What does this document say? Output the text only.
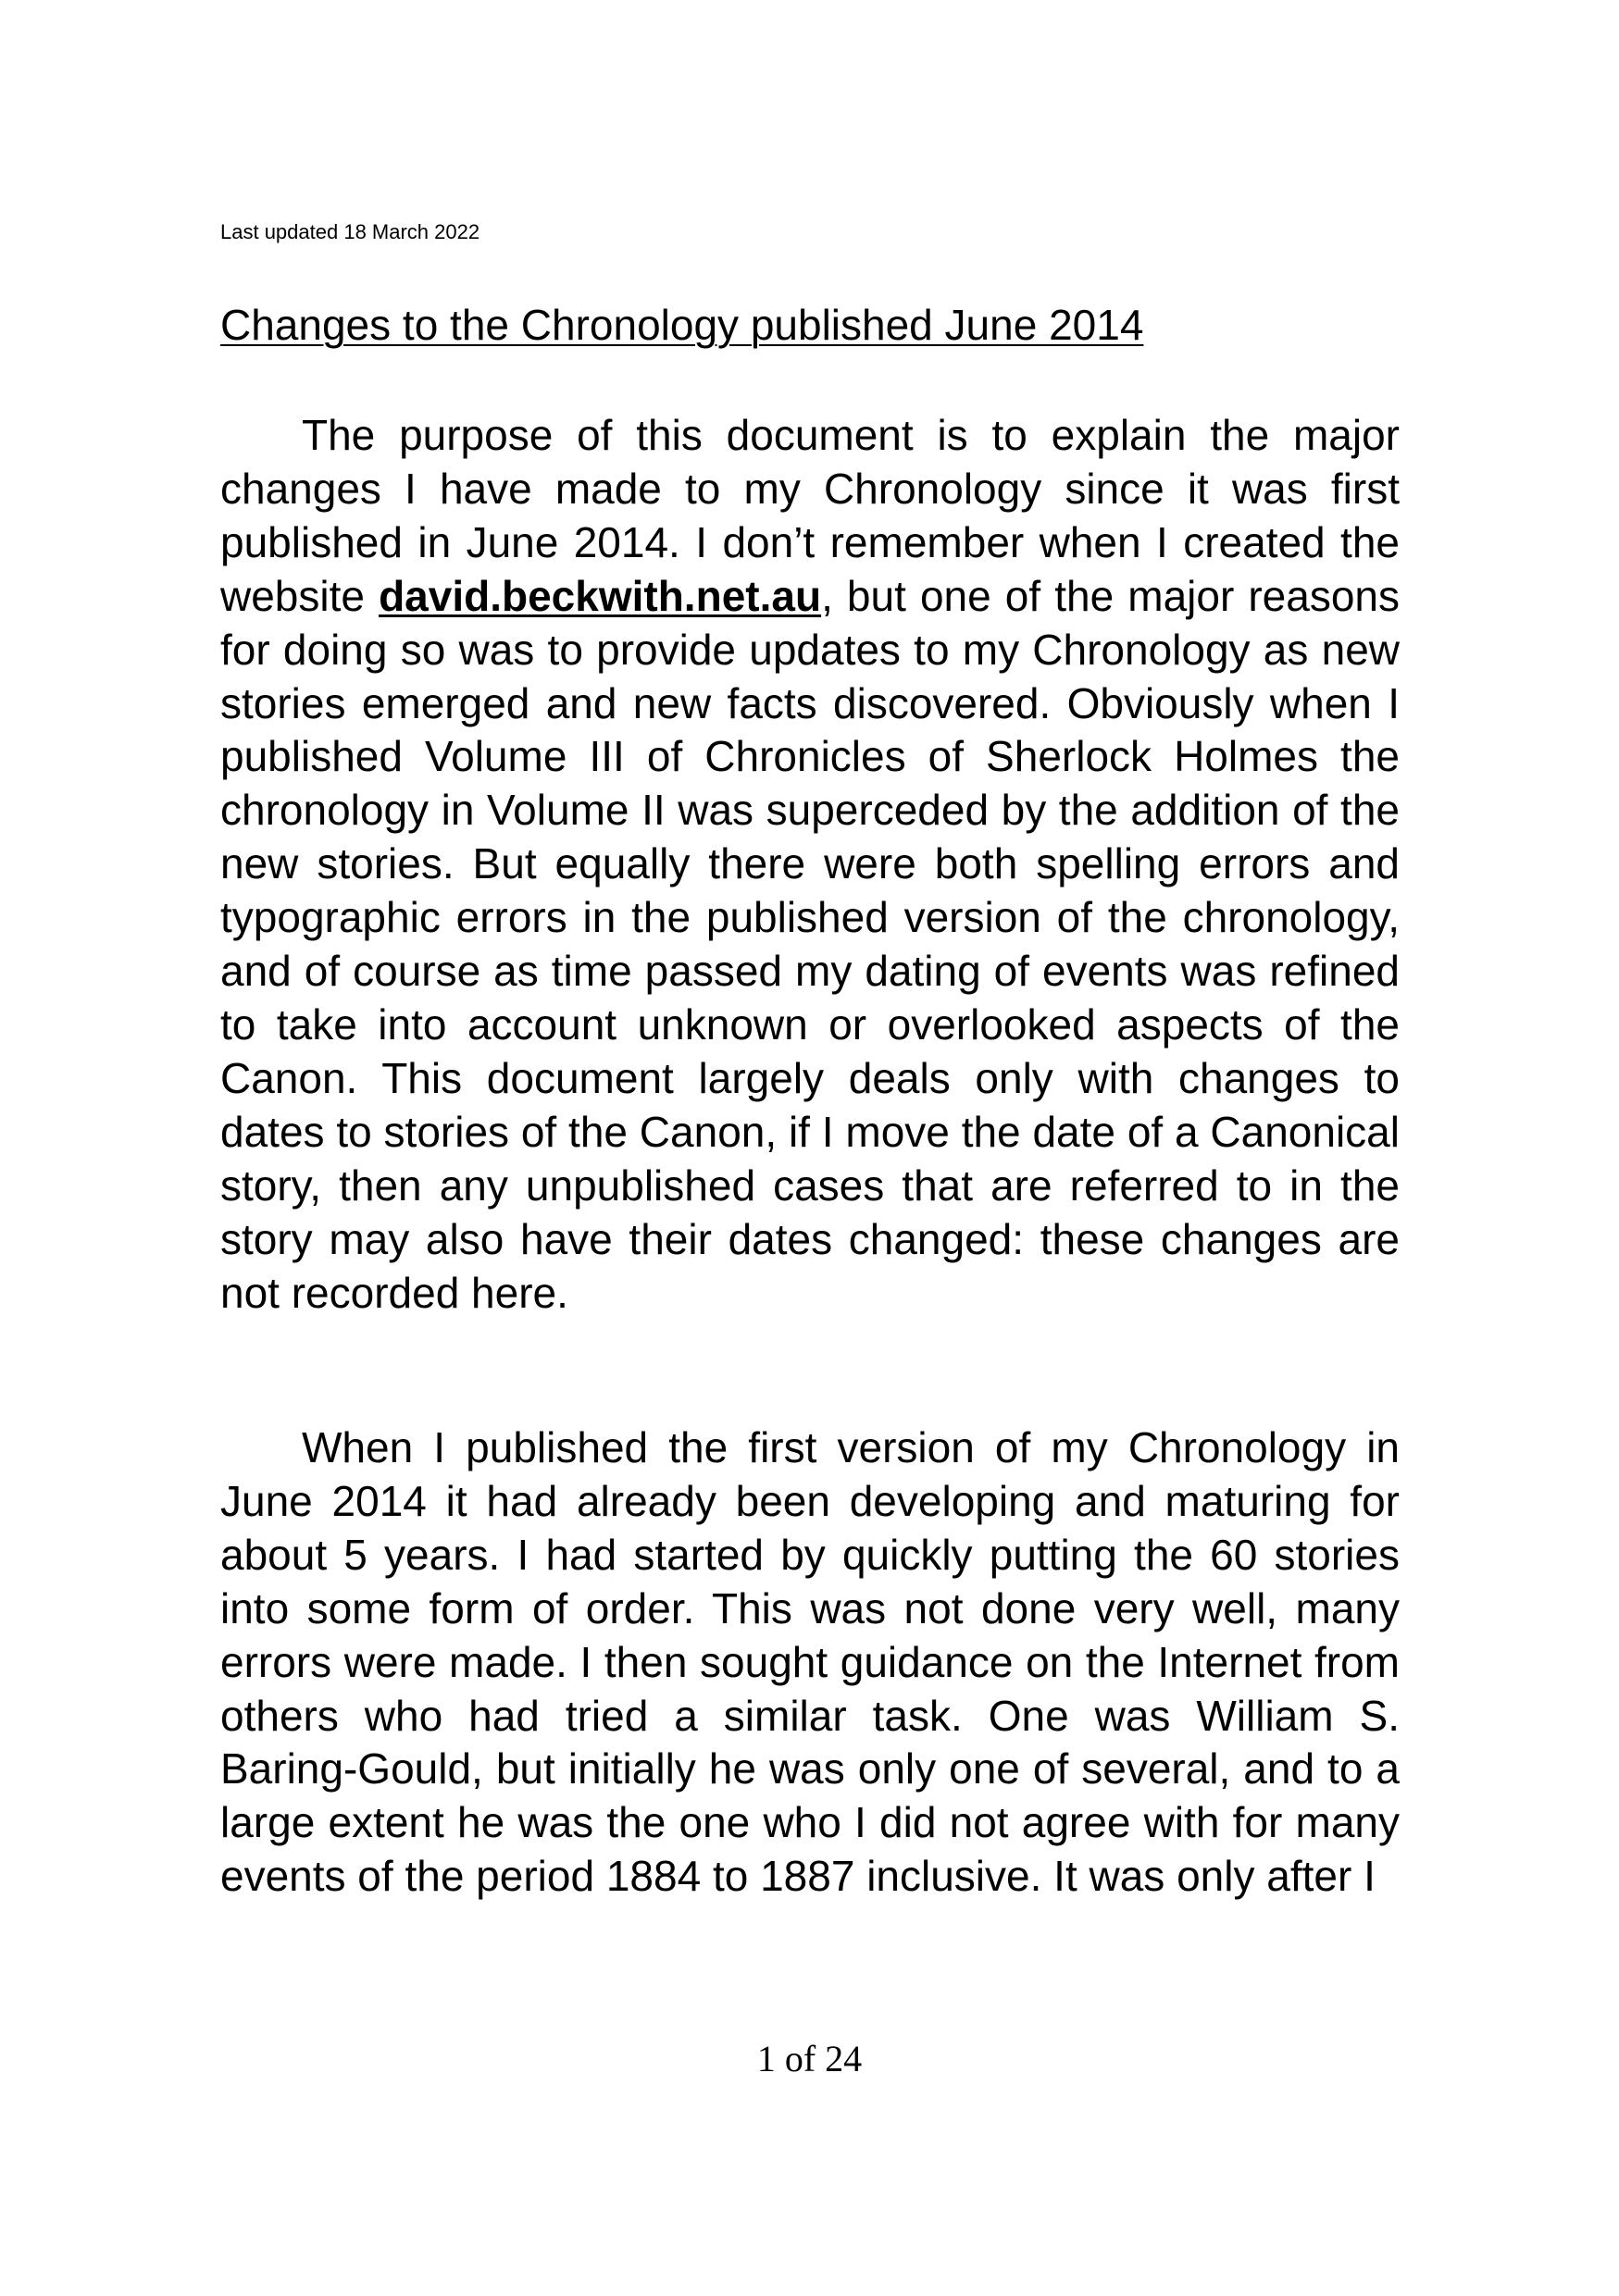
Last updated 18 March 2022
Changes to the Chronology published June 2014

The purpose of this document is to explain the major changes I have made to my Chronology since it was first published in June 2014. I don’t remember when I created the website david.beckwith.net.au, but one of the major reasons for doing so was to provide updates to my Chronology as new stories emerged and new facts discovered. Obviously when I published Volume III of Chronicles of Sherlock Holmes the chronology in Volume II was superceded by the addition of the new stories. But equally there were both spelling errors and typographic errors in the published version of the chronology, and of course as time passed my dating of events was refined to take into account unknown or overlooked aspects of the Canon. This document largely deals only with changes to dates to stories of the Canon, if I move the date of a Canonical story, then any unpublished cases that are referred to in the story may also have their dates changed: these changes are not recorded here.

When I published the first version of my Chronology in June 2014 it had already been developing and maturing for about 5 years. I had started by quickly putting the 60 stories into some form of order. This was not done very well, many errors were made. I then sought guidance on the Internet from others who had tried a similar task. One was William S. Baring-Gould, but initially he was only one of several, and to a large extent he was the one who I did not agree with for many events of the period 1884 to 1887 inclusive. It was only after I

1 of 24
